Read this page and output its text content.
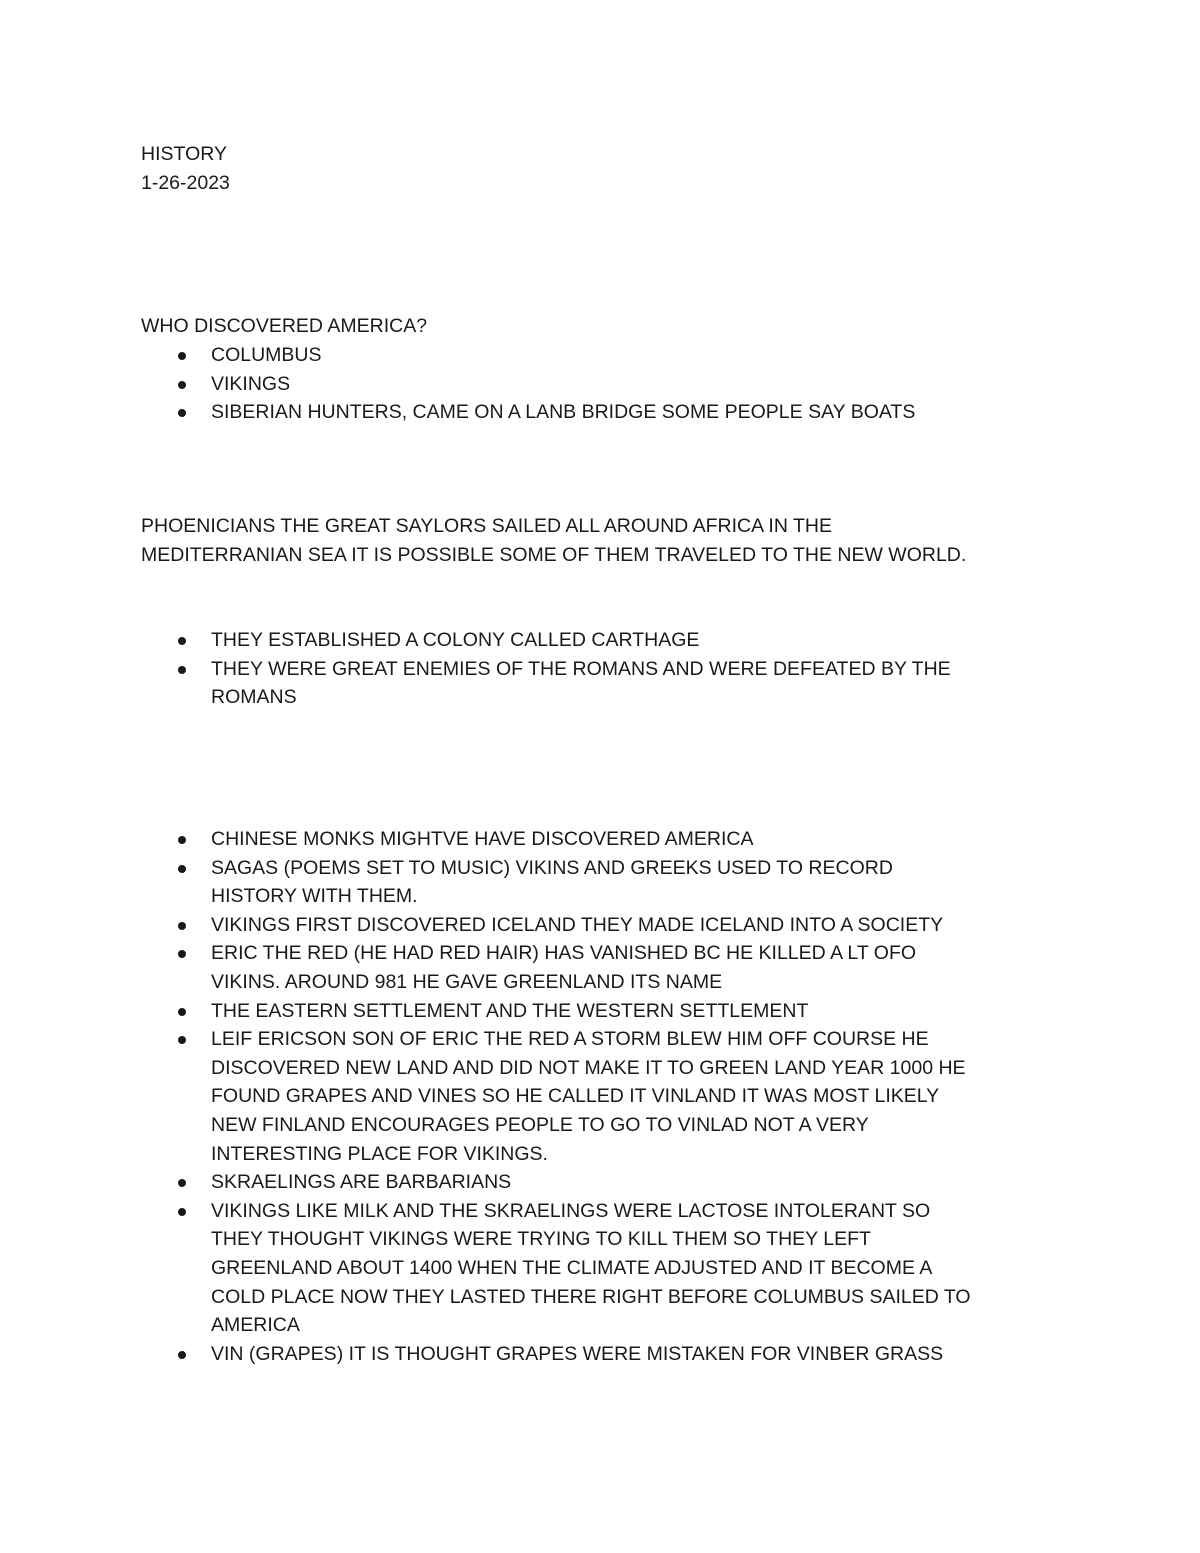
HISTORY
1-26-2023
WHO DISCOVERED AMERICA?
COLUMBUS
VIKINGS
SIBERIAN HUNTERS, CAME ON A LANB BRIDGE SOME PEOPLE SAY BOATS

PHOENICIANS THE GREAT SAYLORS SAILED ALL AROUND AFRICA IN THE

MEDITERRANIAN SEA IT IS POSSIBLE SOME OF THEM TRAVELED TO THE NEW WORLD.

THEY ESTABLISHED A COLONY CALLED CARTHAGE
THEY WERE GREAT ENEMIES OF THE ROMANS AND WERE DEFEATED BY THE
ROMANS
CHINESE MONKS MIGHTVE HAVE DISCOVERED AMERICA
SAGAS (POEMS SET TO MUSIC) VIKINS AND GREEKS USED TO RECORD
HISTORY WITH THEM.
VIKINGS FIRST DISCOVERED ICELAND THEY MADE ICELAND INTO A SOCIETY
ERIC THE RED (HE HAD RED HAIR) HAS VANISHED BC HE KILLED A LT OFO
VIKINS. AROUND 981 HE GAVE GREENLAND ITS NAME
THE EASTERN SETTLEMENT AND THE WESTERN SETTLEMENT
LEIF ERICSON SON OF ERIC THE RED A STORM BLEW HIM OFF COURSE HE
DISCOVERED NEW LAND AND DID NOT MAKE IT TO GREEN LAND YEAR 1000 HE
FOUND GRAPES AND VINES SO HE CALLED IT VINLAND IT WAS MOST LIKELY
NEW FINLAND ENCOURAGES PEOPLE TO GO TO VINLAD NOT A VERY
INTERESTING PLACE FOR VIKINGS.
SKRAELINGS ARE BARBARIANS
VIKINGS LIKE MILK AND THE SKRAELINGS WERE LACTOSE INTOLERANT SO
THEY THOUGHT VIKINGS WERE TRYING TO KILL THEM SO THEY LEFT
GREENLAND ABOUT 1400 WHEN THE CLIMATE ADJUSTED AND IT BECOME A
COLD PLACE NOW THEY LASTED THERE RIGHT BEFORE COLUMBUS SAILED TO
AMERICA
VIN (GRAPES) IT IS THOUGHT GRAPES WERE MISTAKEN FOR VINBER GRASS
